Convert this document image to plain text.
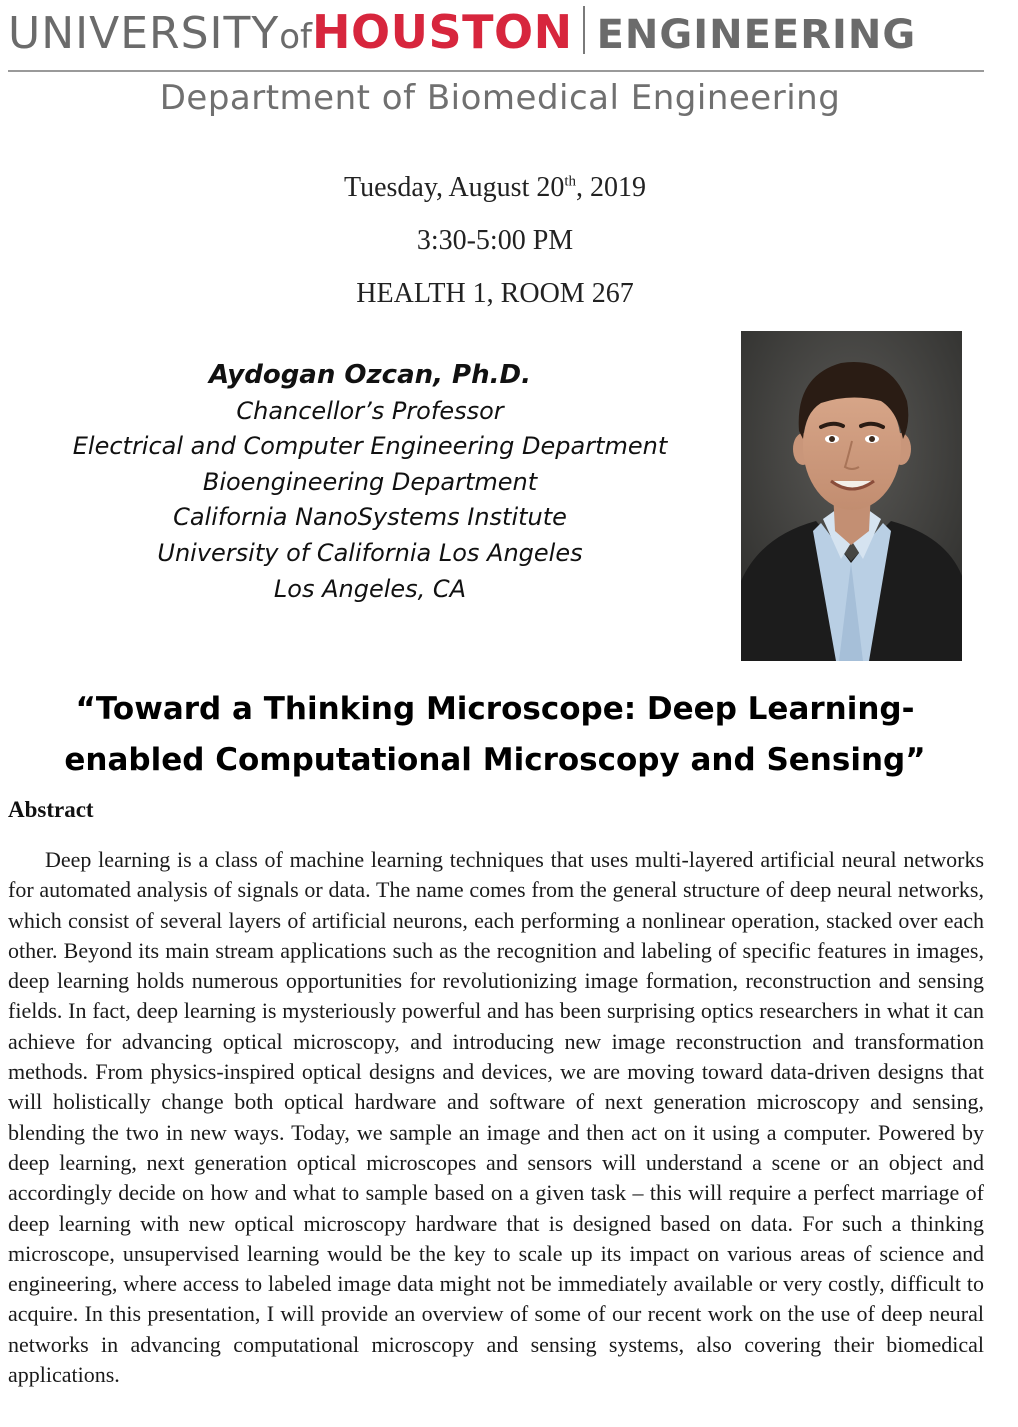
UNIVERSITYofHOUSTON ENGINEERING
Department of Biomedical Engineering
Tuesday, August 20th, 2019
3:30-5:00 PM
HEALTH 1, ROOM 267
Aydogan Ozcan, Ph.D.
Chancellor’s Professor
Electrical and Computer Engineering Department
Bioengineering Department
California NanoSystems Institute
University of California Los Angeles
Los Angeles, CA
“Toward a Thinking Microscope: Deep Learning-
enabled Computational Microscopy and Sensing”
Abstract

Deep learning is a class of machine learning techniques that uses multi-layered artificial neural networks for automated analysis of signals or data. The name comes from the general structure of deep neural networks, which consist of several layers of artificial neurons, each performing a nonlinear operation, stacked over each other. Beyond its main stream applications such as the recognition and labeling of specific features in images, deep learning holds numerous opportunities for revolutionizing image formation, reconstruction and sensing fields. In fact, deep learning is mysteriously powerful and has been surprising optics researchers in what it can achieve for advancing optical microscopy, and introducing new image reconstruction and transformation methods. From physics-inspired optical designs and devices, we are moving toward data-driven designs that will holistically change both optical hardware and software of next generation microscopy and sensing, blending the two in new ways. Today, we sample an image and then act on it using a computer. Powered by deep learning, next generation optical microscopes and sensors will understand a scene or an object and accordingly decide on how and what to sample based on a given task – this will require a perfect marriage of deep learning with new optical microscopy hardware that is designed based on data. For such a thinking microscope, unsupervised learning would be the key to scale up its impact on various areas of science and engineering, where access to labeled image data might not be immediately available or very costly, difficult to acquire. In this presentation, I will provide an overview of some of our recent work on the use of deep neural networks in advancing computational microscopy and sensing systems, also covering their biomedical applications.
